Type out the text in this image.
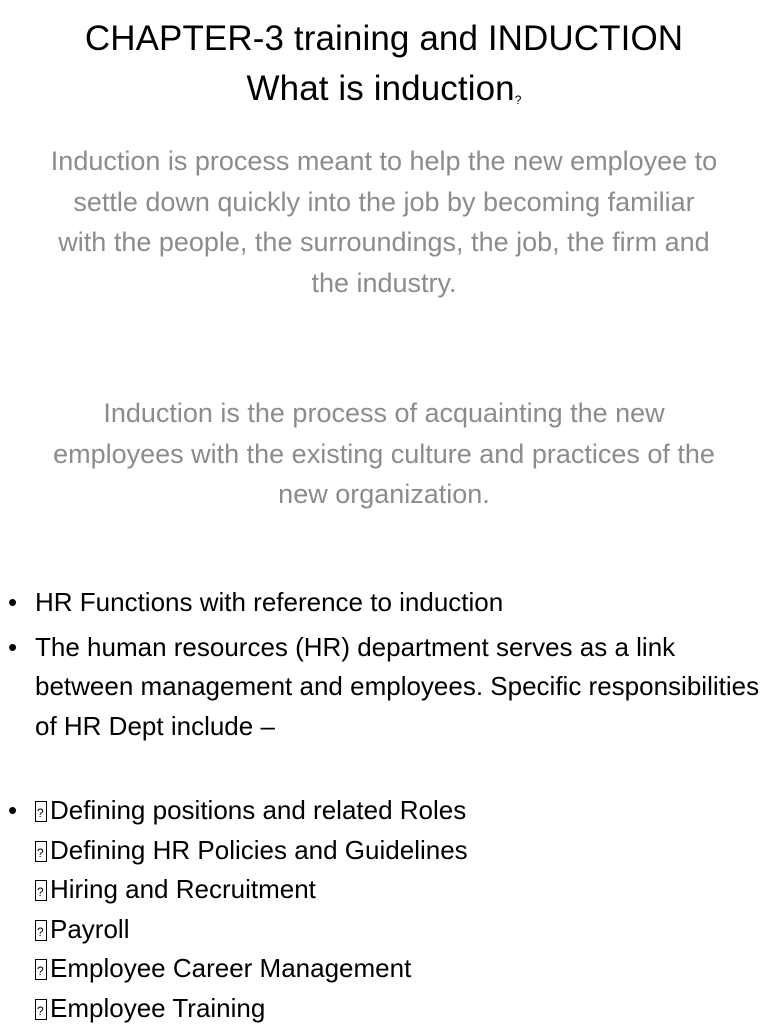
CHAPTER-3 training and INDUCTION
What is induction?

Induction is process meant to help the new employee to settle down quickly into the job by becoming familiar with the people, the surroundings, the job, the firm and the industry.

Induction is the process of acquainting the new employees with the existing culture and practices of the new organization.

• HR Functions with reference to induction
• The human resources (HR) department serves as a link between management and employees. Specific responsibilities of HR Dept include –
?• Defining positions and related Roles
?Defining HR Policies and Guidelines
?Hiring and Recruitment
?Payroll
?Employee Career Management
?Employee Training
